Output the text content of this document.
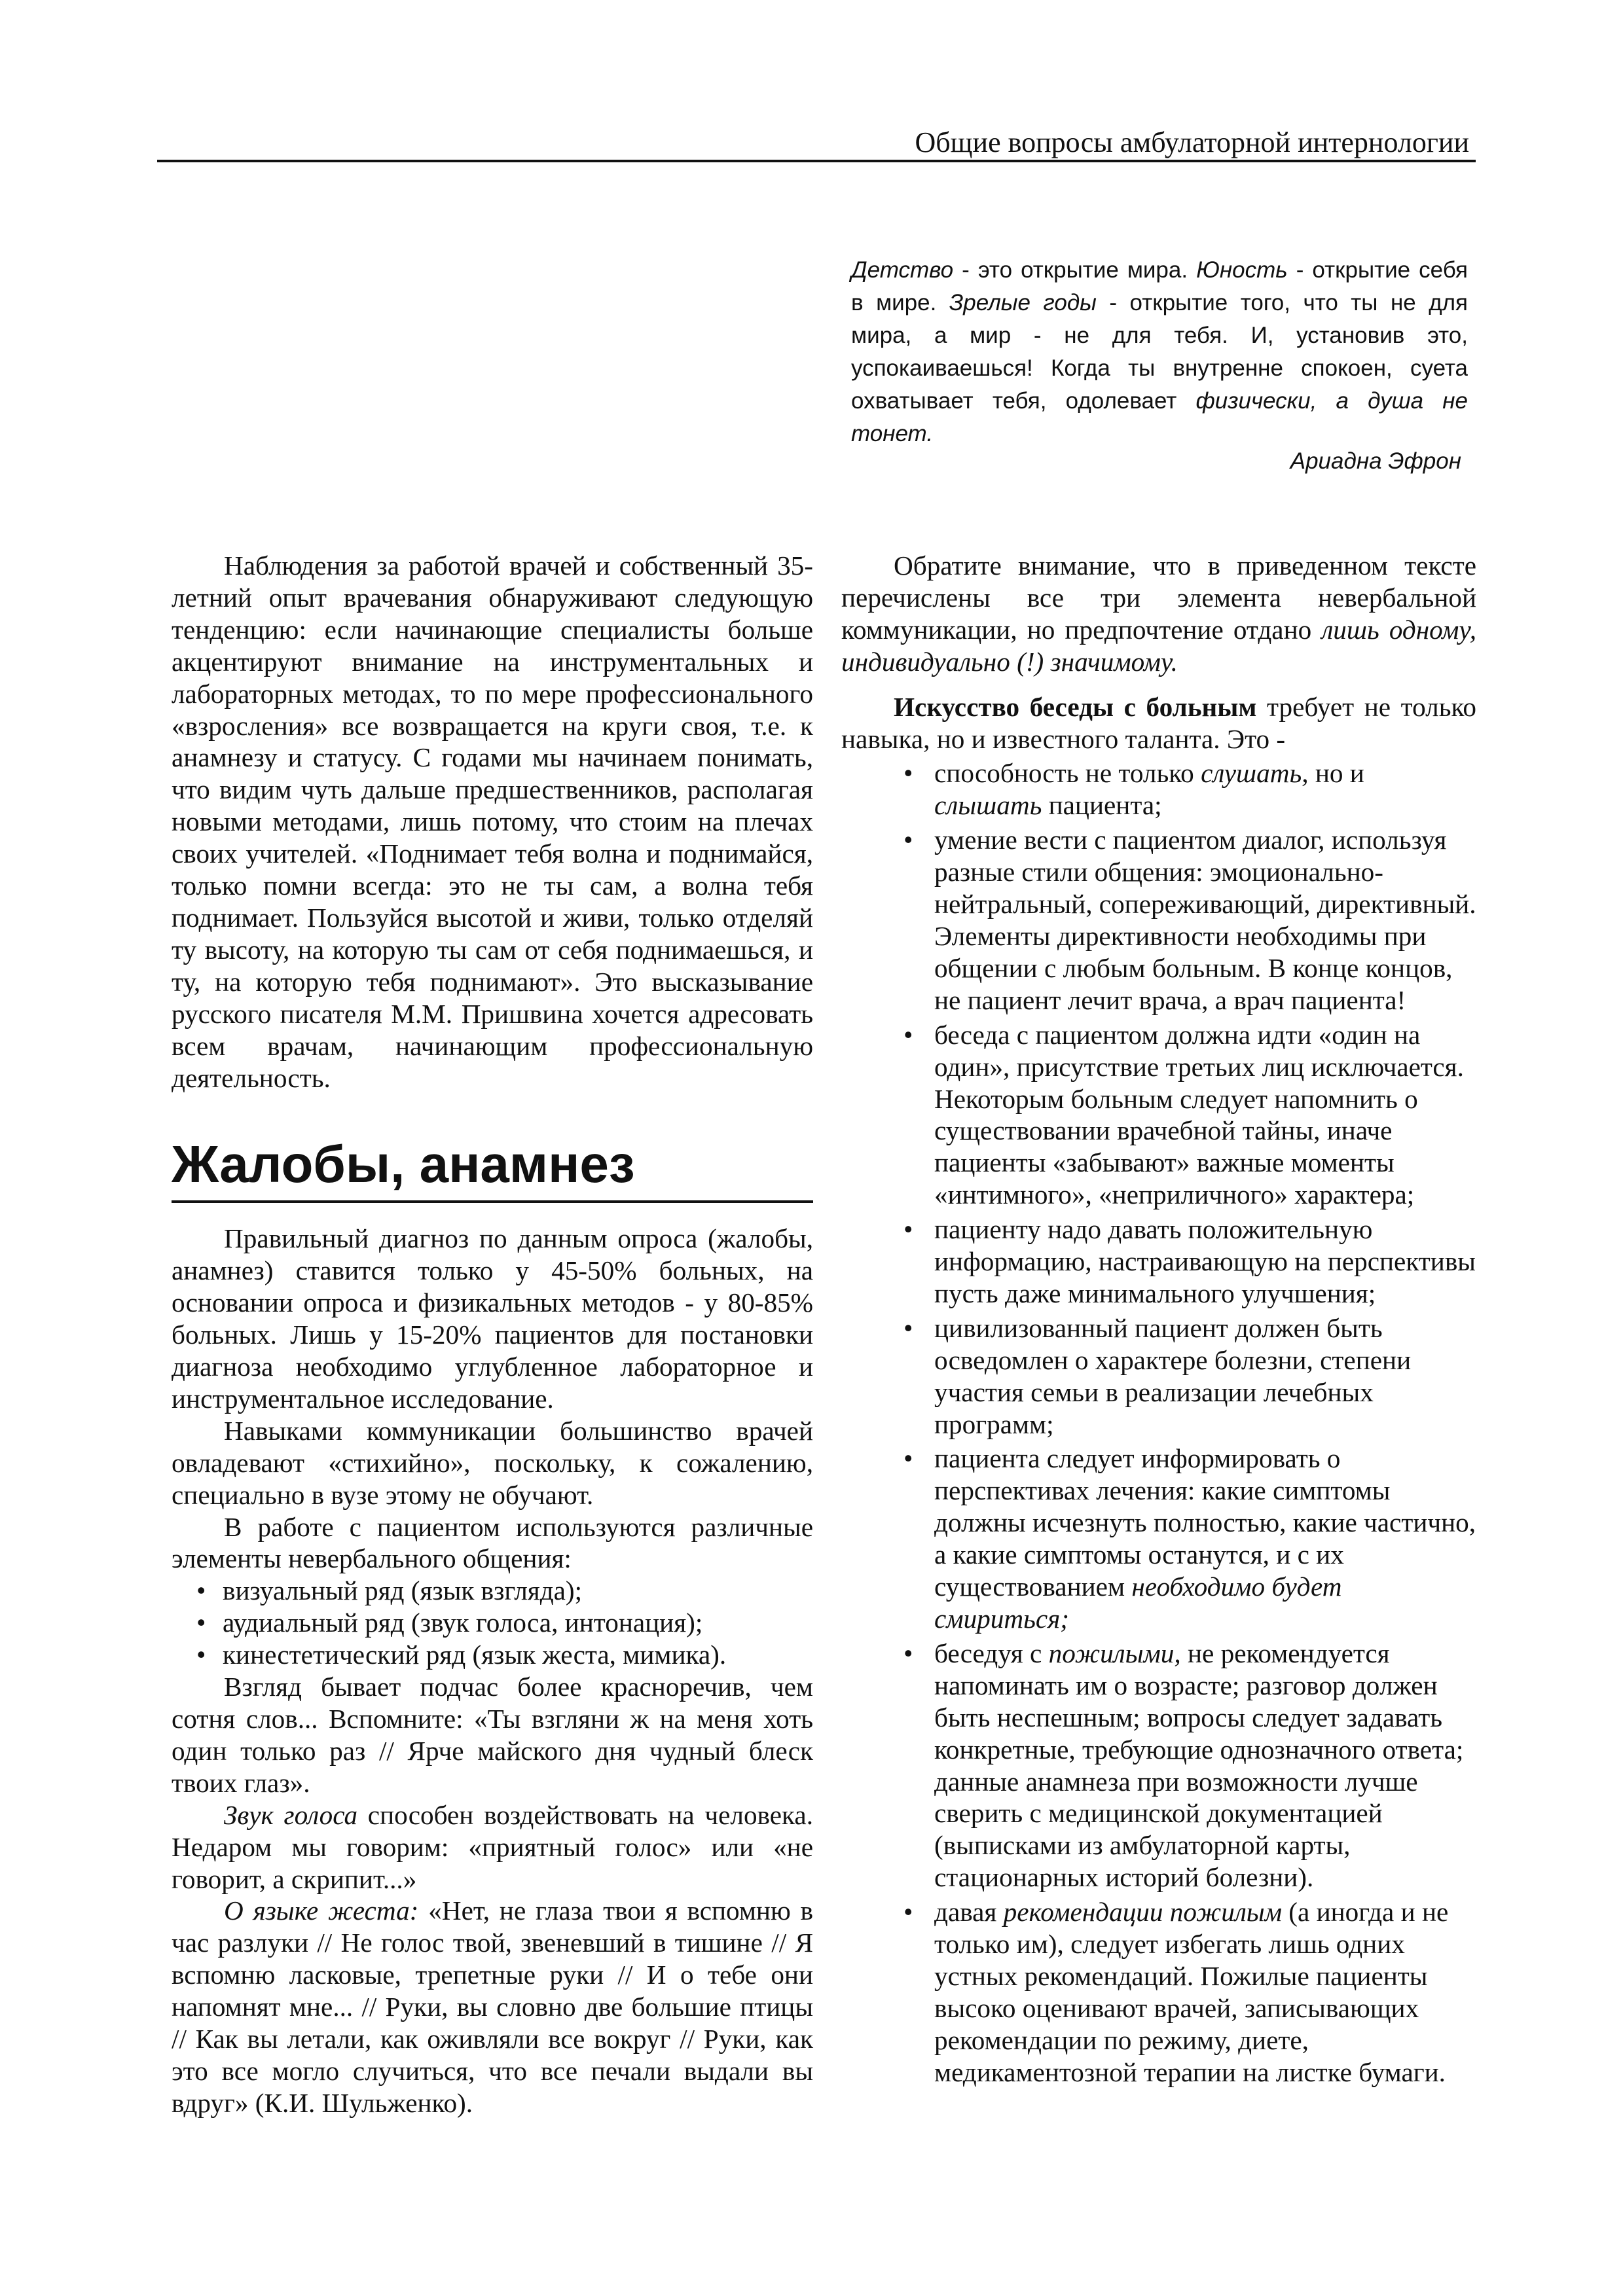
Общие вопросы амбулаторной интернологии

Детство - это открытие мира. Юность - открытие себя в мире. Зрелые годы - открытие того, что ты не для мира, а мир - не для тебя. И, установив это, успокаиваешься! Когда ты внутренне спокоен, суета охватывает тебя, одолевает физически, а душа не тонет.

Ариадна Эфрон

Наблюдения за работой врачей и собственный 35-летний опыт врачевания обнаруживают следующую тенденцию: если начинающие специалисты больше акцентируют внимание на инструментальных и лабораторных методах, то по мере профессионального «взросления» все возвращается на круги своя, т.е. к анамнезу и статусу. С годами мы начинаем понимать, что видим чуть дальше предшественников, располагая новыми методами, лишь потому, что стоим на плечах своих учителей. «Поднимает тебя волна и поднимайся, только помни всегда: это не ты сам, а волна тебя поднимает. Пользуйся высотой и живи, только отделяй ту высоту, на которую ты сам от себя поднимаешься, и ту, на которую тебя поднимают». Это высказывание русского писателя М.М. Пришвина хочется адресовать всем врачам, начинающим профессиональную деятельность.

Жалобы, анамнез

Правильный диагноз по данным опроса (жалобы, анамнез) ставится только у 45-50% больных, на основании опроса и физикальных методов - у 80-85% больных. Лишь у 15-20% пациентов для постановки диагноза необходимо углубленное лабораторное и инструментальное исследование.

Навыками коммуникации большинство врачей овладевают «стихийно», поскольку, к сожалению, специально в вузе этому не обучают.

В работе с пациентом используются различные элементы невербального общения:

• визуальный ряд (язык взгляда);
• аудиальный ряд (звук голоса, интонация);
• кинестетический ряд (язык жеста, мимика).

Взгляд бывает подчас более красноречив, чем сотня слов... Вспомните: «Ты взгляни ж на меня хоть один только раз // Ярче майского дня чудный блеск твоих глаз».

Звук голоса способен воздействовать на человека. Недаром мы говорим: «приятный голос» или «не говорит, а скрипит...»

О языке жеста: «Нет, не глаза твои я вспомню в час разлуки // Не голос твой, звеневший в тишине // Я вспомню ласковые, трепетные руки // И о тебе они напомнят мне... // Руки, вы словно две большие птицы // Как вы летали, как оживляли все вокруг // Руки, как это все могло случиться, что все печали выдали вы вдруг» (К.И. Шульженко).

Обратите внимание, что в приведенном тексте перечислены все три элемента невербальной коммуникации, но предпочтение отдано лишь одному, индивидуально (!) значимому.

Искусство беседы с больным требует не только навыка, но и известного таланта. Это -

• способность не только слушать, но и слышать пациента;
• умение вести с пациентом диалог, используя разные стили общения: эмоционально-нейтральный, сопереживающий, директивный. Элементы директивности необходимы при общении с любым больным. В конце концов, не пациент лечит врача, а врач пациента!
• беседа с пациентом должна идти «один на один», присутствие третьих лиц исключается. Некоторым больным следует напомнить о существовании врачебной тайны, иначе пациенты «забывают» важные моменты «интимного», «неприличного» характера;
• пациенту надо давать положительную информацию, настраивающую на перспективы пусть даже минимального улучшения;
• цивилизованный пациент должен быть осведомлен о характере болезни, степени участия семьи в реализации лечебных программ;
• пациента следует информировать о перспективах лечения: какие симптомы должны исчезнуть полностью, какие частично, а какие симптомы останутся, и с их существованием необходимо будет смириться;
• беседуя с пожилыми, не рекомендуется напоминать им о возрасте; разговор должен быть неспешным; вопросы следует задавать конкретные, требующие однозначного ответа; данные анамнеза при возможности лучше сверить с медицинской документацией (выписками из амбулаторной карты, стационарных историй болезни).
• давая рекомендации пожилым (а иногда и не только им), следует избегать лишь одних устных рекомендаций. Пожилые пациенты высоко оценивают врачей, записывающих рекомендации по режиму, диете, медикаментозной терапии на листке бумаги.
